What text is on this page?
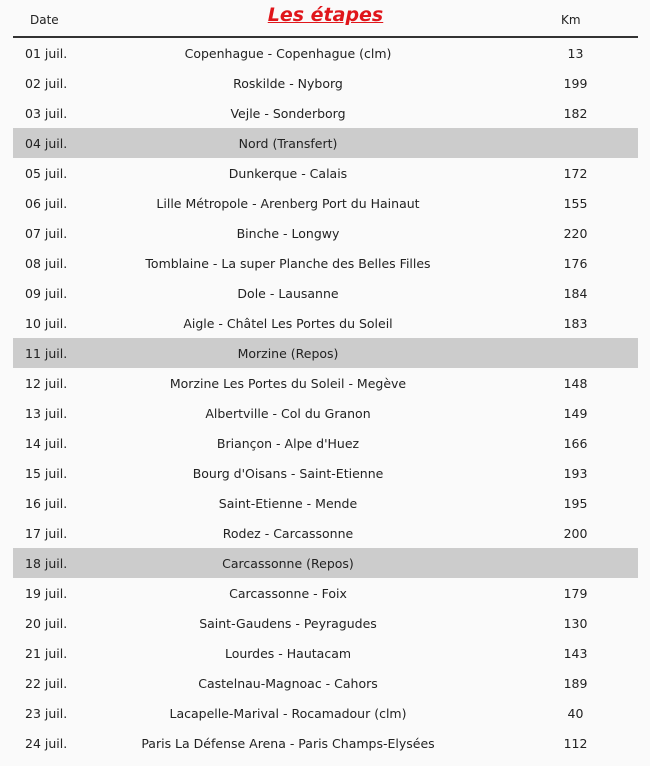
Date	Les étapes	Km
01 juil.	Copenhague - Copenhague (clm)	13
02 juil.	Roskilde - Nyborg	199
03 juil.	Vejle - Sonderborg	182
04 juil.	Nord (Transfert)
05 juil.	Dunkerque - Calais	172
06 juil.	Lille Métropole - Arenberg Port du Hainaut	155
07 juil.	Binche - Longwy	220
08 juil.	Tomblaine - La super Planche des Belles Filles	176
09 juil.	Dole - Lausanne	184
10 juil.	Aigle - Châtel Les Portes du Soleil	183
11 juil.	Morzine (Repos)
12 juil.	Morzine Les Portes du Soleil - Megève	148
13 juil.	Albertville - Col du Granon	149
14 juil.	Briançon - Alpe d'Huez	166
15 juil.	Bourg d'Oisans - Saint-Etienne	193
16 juil.	Saint-Etienne - Mende	195
17 juil.	Rodez - Carcassonne	200
18 juil.	Carcassonne (Repos)
19 juil.	Carcassonne - Foix	179
20 juil.	Saint-Gaudens - Peyragudes	130
21 juil.	Lourdes - Hautacam	143
22 juil.	Castelnau-Magnoac - Cahors	189
23 juil.	Lacapelle-Marival - Rocamadour (clm)	40
24 juil.	Paris La Défense Arena - Paris Champs-Elysées	112
